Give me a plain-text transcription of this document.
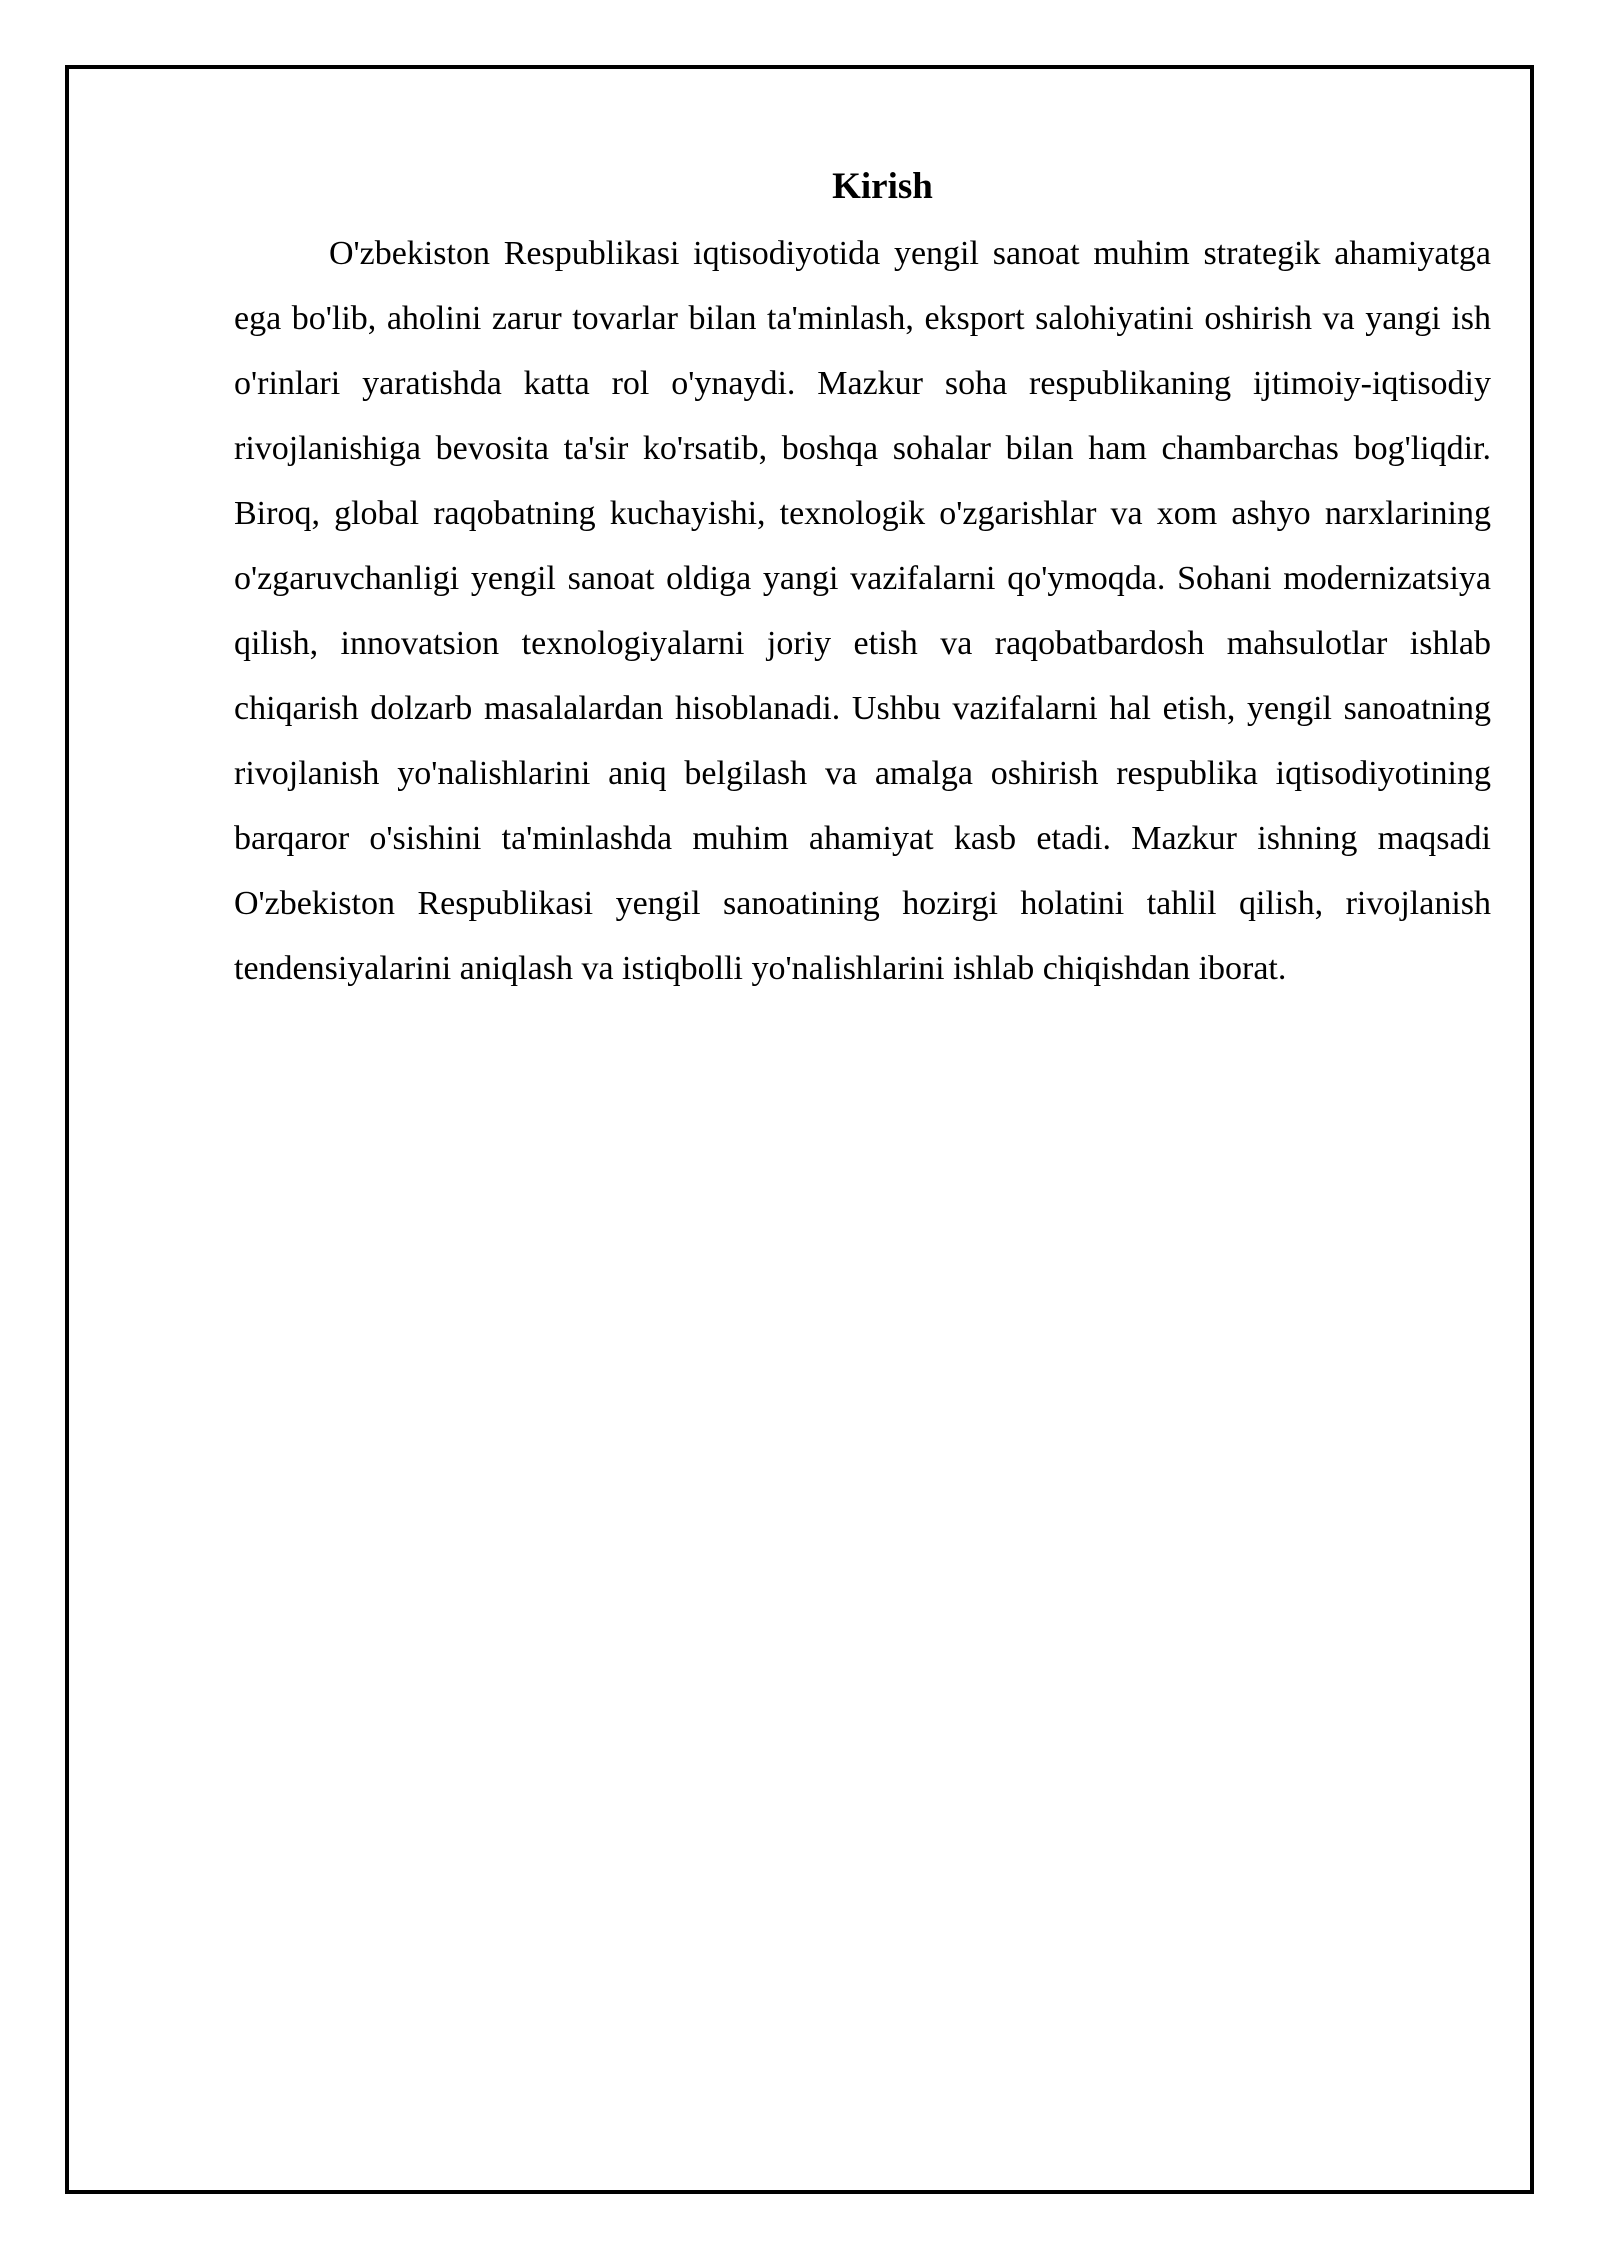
Kirish

O'zbekiston Respublikasi iqtisodiyotida yengil sanoat muhim strategik ahamiyatga ega bo'lib, aholini zarur tovarlar bilan ta'minlash, eksport salohiyatini oshirish va yangi ish o'rinlari yaratishda katta rol o'ynaydi. Mazkur soha respublikaning ijtimoiy-iqtisodiy rivojlanishiga bevosita ta'sir ko'rsatib, boshqa sohalar bilan ham chambarchas bog'liqdir. Biroq, global raqobatning kuchayishi, texnologik o'zgarishlar va xom ashyo narxlarining o'zgaruvchanligi yengil sanoat oldiga yangi vazifalarni qo'ymoqda. Sohani modernizatsiya qilish, innovatsion texnologiyalarni joriy etish va raqobatbardosh mahsulotlar ishlab chiqarish dolzarb masalalardan hisoblanadi. Ushbu vazifalarni hal etish, yengil sanoatning rivojlanish yo'nalishlarini aniq belgilash va amalga oshirish respublika iqtisodiyotining barqaror o'sishini ta'minlashda muhim ahamiyat kasb etadi. Mazkur ishning maqsadi O'zbekiston Respublikasi yengil sanoatining hozirgi holatini tahlil qilish, rivojlanish tendensiyalarini aniqlash va istiqbolli yo'nalishlarini ishlab chiqishdan iborat.
